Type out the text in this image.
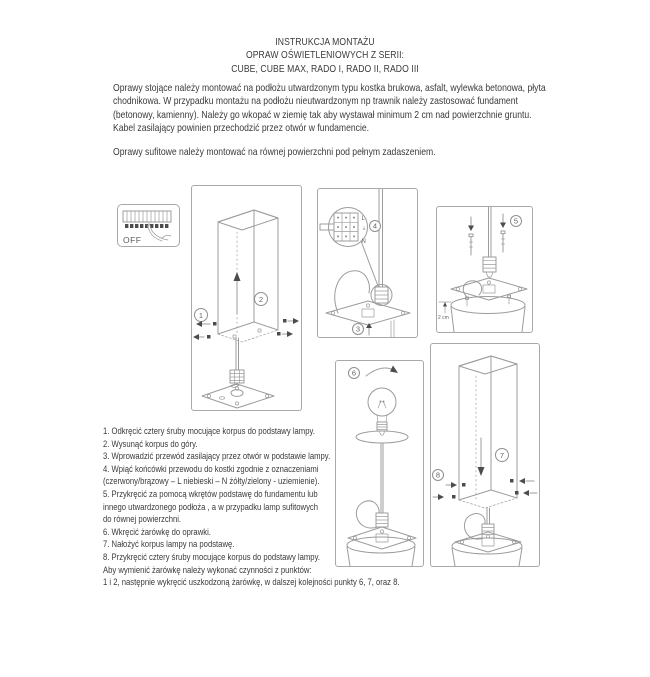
INSTRUKCJA MONTAŻU
OPRAW OŚWIETLENIOWYCH Z SERII:
CUBE, CUBE MAX, RADO I, RADO II, RADO III
Oprawy stojące należy montować na podłożu utwardzonym typu kostka brukowa, asfalt, wylewka betonowa, płyta chodnikowa. W przypadku montażu na podłożu nieutwardzonym np trawnik należy zastosować fundament (betonowy, kamienny). Należy go wkopać w ziemię tak aby wystawał minimum 2 cm nad powierzchnie gruntu. Kabel zasilający powinien przechodzić przez otwór w fundamencie.
Oprawy sufitowe należy montować na równej powierzchni pod pełnym zadaszeniem.
OFF
2
1
L
⏚
N
4
3
5
2 cm
6
7
8
1. Odkręcić cztery śruby mocujące korpus do podstawy lampy.
2. Wysunąć korpus do góry.
3. Wprowadzić przewód zasilający przez otwór w podstawie lampy.
4. Wpiąć końcówki przewodu do kostki zgodnie z oznaczeniami
(czerwony/brązowy – L niebieski – N żółty/zielony - uziemienie).
5. Przykręcić za pomocą wkrętów podstawę do fundamentu lub
innego utwardzonego podłoża , a w przypadku lamp sufitowych
do równej powierzchni.
6. Wkręcić żarówkę do oprawki.
7. Nałożyć korpus lampy na podstawę.
8. Przykręcić cztery śruby mocujące korpus do podstawy lampy.
Aby wymienić żarówkę należy wykonać czynności z punktów:
1 i 2, następnie wykręcić uszkodzoną żarówkę, w dalszej kolejności punkty 6, 7, oraz 8.
